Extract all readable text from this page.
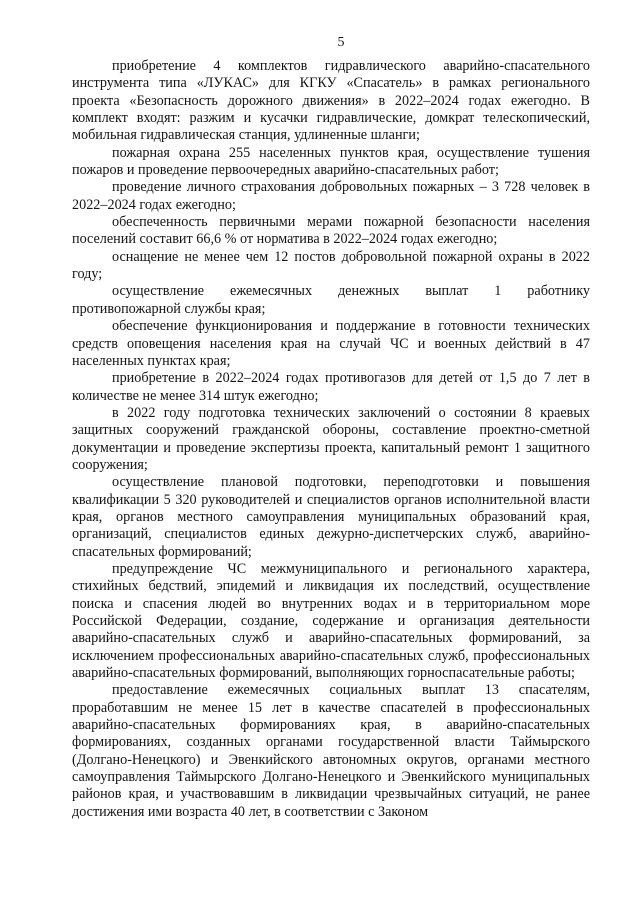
5

приобретение 4 комплектов гидравлического аварийно-спасательного инструмента типа «ЛУКАС» для КГКУ «Спасатель» в рамках регионального проекта «Безопасность дорожного движения» в 2022–2024 годах ежегодно. В комплект входят: разжим и кусачки гидравлические, домкрат телескопический, мобильная гидравлическая станция, удлиненные шланги;

пожарная охрана 255 населенных пунктов края, осуществление тушения пожаров и проведение первоочередных аварийно-спасательных работ;

проведение личного страхования добровольных пожарных – 3 728 человек в 2022–2024 годах ежегодно;

обеспеченность первичными мерами пожарной безопасности населения поселений составит 66,6 % от норматива в 2022–2024 годах ежегодно;

оснащение не менее чем 12 постов добровольной пожарной охраны в 2022 году;

осуществление ежемесячных денежных выплат 1 работнику противопожарной службы края;

обеспечение функционирования и поддержание в готовности технических средств оповещения населения края на случай ЧС и военных действий в 47 населенных пунктах края;

приобретение в 2022–2024 годах противогазов для детей от 1,5 до 7 лет в количестве не менее 314 штук ежегодно;

в 2022 году подготовка технических заключений о состоянии 8 краевых защитных сооружений гражданской обороны, составление проектно-сметной документации и проведение экспертизы проекта, капитальный ремонт 1 защитного сооружения;

осуществление плановой подготовки, переподготовки и повышения квалификации 5 320 руководителей и специалистов органов исполнительной власти края, органов местного самоуправления муниципальных образований края, организаций, специалистов единых дежурно-диспетчерских служб, аварийно-спасательных формирований;

предупреждение ЧС межмуниципального и регионального характера, стихийных бедствий, эпидемий и ликвидация их последствий, осуществление поиска и спасения людей во внутренних водах и в территориальном море Российской Федерации, создание, содержание и организация деятельности аварийно-спасательных служб и аварийно-спасательных формирований, за исключением профессиональных аварийно-спасательных служб, профессиональных аварийно-спасательных формирований, выполняющих горноспасательные работы;

предоставление ежемесячных социальных выплат 13 спасателям, проработавшим не менее 15 лет в качестве спасателей в профессиональных аварийно-спасательных формированиях края, в аварийно-спасательных формированиях, созданных органами государственной власти Таймырского (Долгано-Ненецкого) и Эвенкийского автономных округов, органами местного самоуправления Таймырского Долгано-Ненецкого и Эвенкийского муниципальных районов края, и участвовавшим в ликвидации чрезвычайных ситуаций, не ранее достижения ими возраста 40 лет, в соответствии с Законом
